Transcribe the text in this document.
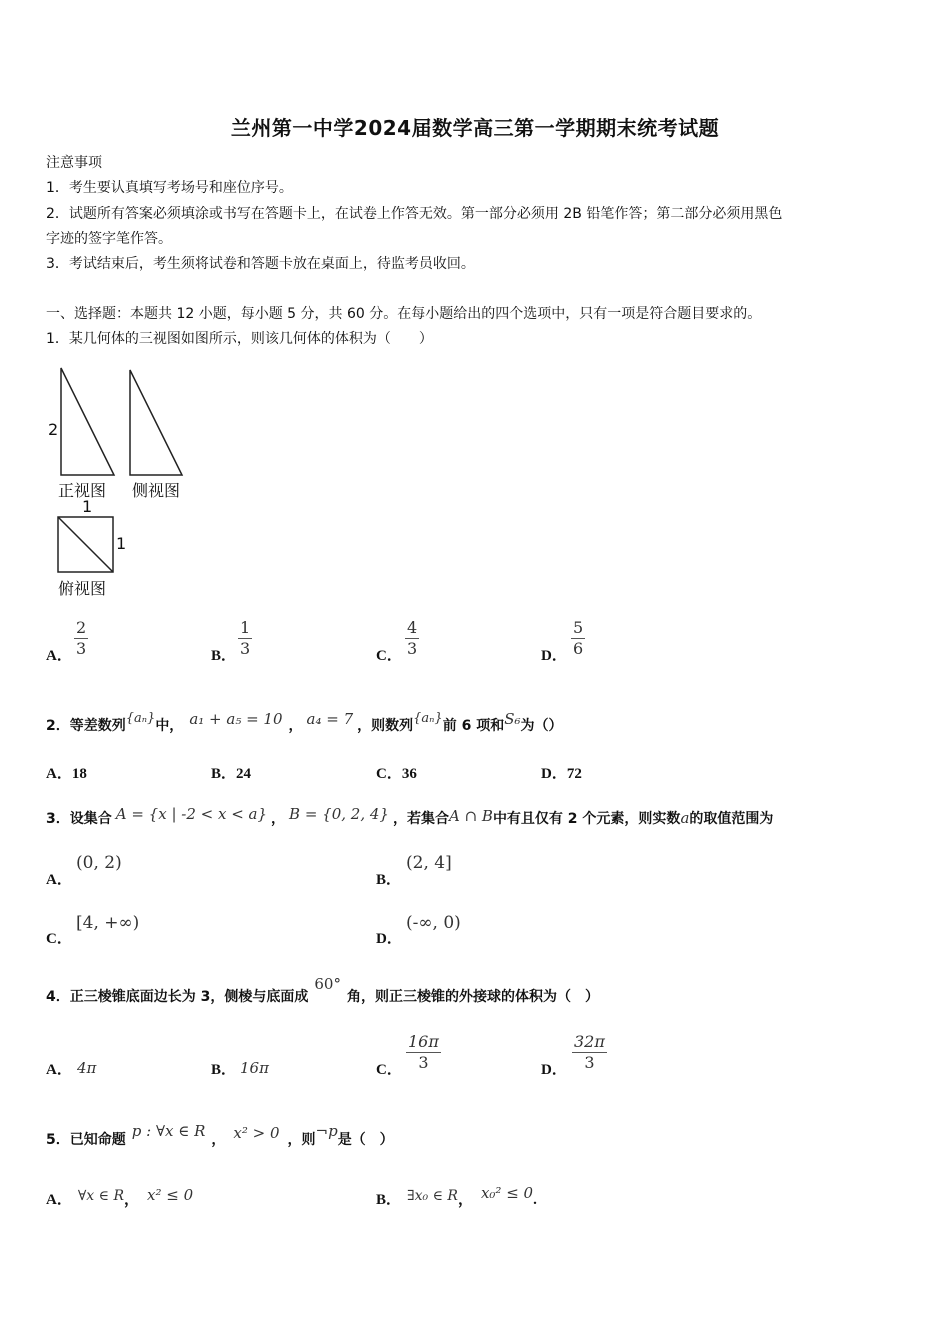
兰州第一中学2024届数学高三第一学期期末统考试题
注意事项
1．考生要认真填写考场号和座位序号。
2．试题所有答案必须填涂或书写在答题卡上，在试卷上作答无效。第一部分必须用 2B 铅笔作答；第二部分必须用黑色
字迹的签字笔作答。
3．考试结束后，考生须将试卷和答题卡放在桌面上，待监考员收回。
一、选择题：本题共 12 小题，每小题 5 分，共 60 分。在每小题给出的四个选项中，只有一项是符合题目要求的。
1．某几何体的三视图如图所示，则该几何体的体积为（　　）
2
正视图 侧视图
1
1
俯视图
A． $\frac{2}{3}$	B． $\frac{1}{3}$	C． $\frac{4}{3}$	D． $\frac{5}{6}$
2．等差数列{aₙ}中， a₁ + a₅ = 10 ， a₄ = 7 ，则数列{aₙ}前 6 项和S₆为（）
A．18	B．24	C．36	D．72
3．设集合 A = {x | -2 < x < a} ， B = {0, 2, 4} ，若集合A ∩ B中有且仅有 2 个元素，则实数a的取值范围为
A．
(0, 2)
B．
(2, 4]
C．
[4, +∞)
D．
(-∞, 0)
4．正三棱锥底面边长为 3，侧棱与底面成60°角，则正三棱锥的外接球的体积为（　）
A． 4π	B． 16π	C． $\frac{16\pi}{3}$	D． $\frac{32\pi}{3}$
5．已知命题 p : ∀x ∈ R ， x² > 0 ，则¬p是（　）
A． ∀x ∈ R， x² ≤ 0	B． ∃x₀ ∈ R， x₀² ≤ 0.
